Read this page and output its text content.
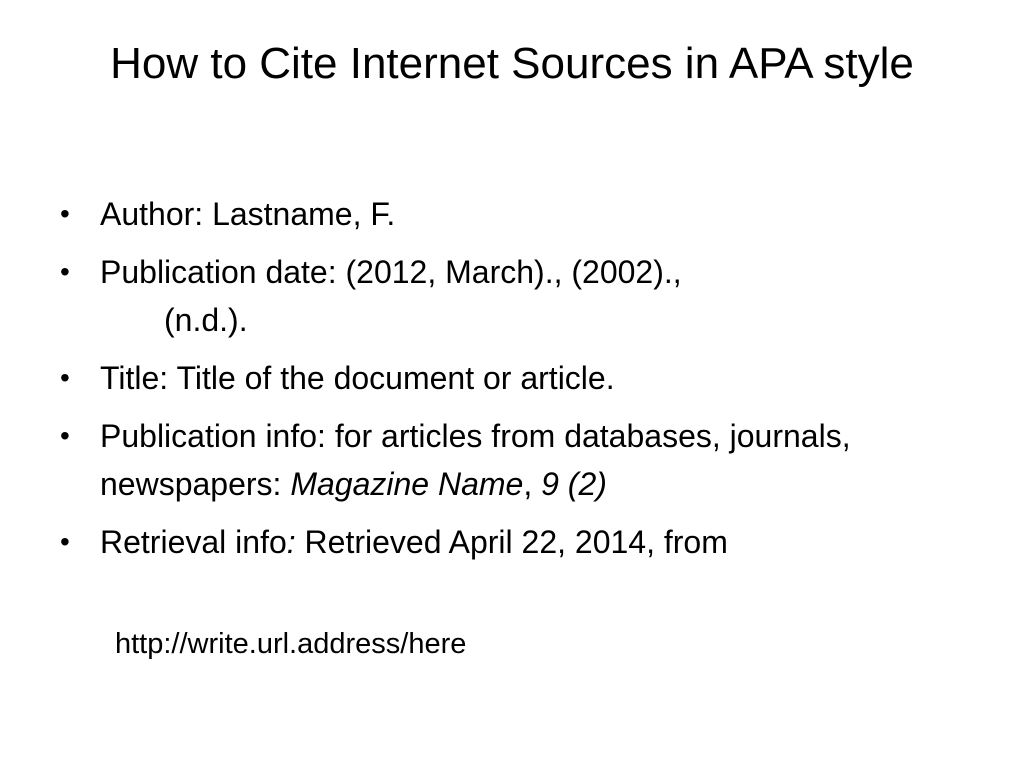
How to Cite Internet Sources in APA style
• Author: Lastname, F.
• Publication date: (2012, March)., (2002).,
(n.d.).
• Title: Title of the document or article.
• Publication info: for articles from databases, journals, newspapers: Magazine Name, 9 (2)
• Retrieval info: Retrieved April 22, 2014, from
http://write.url.address/here
